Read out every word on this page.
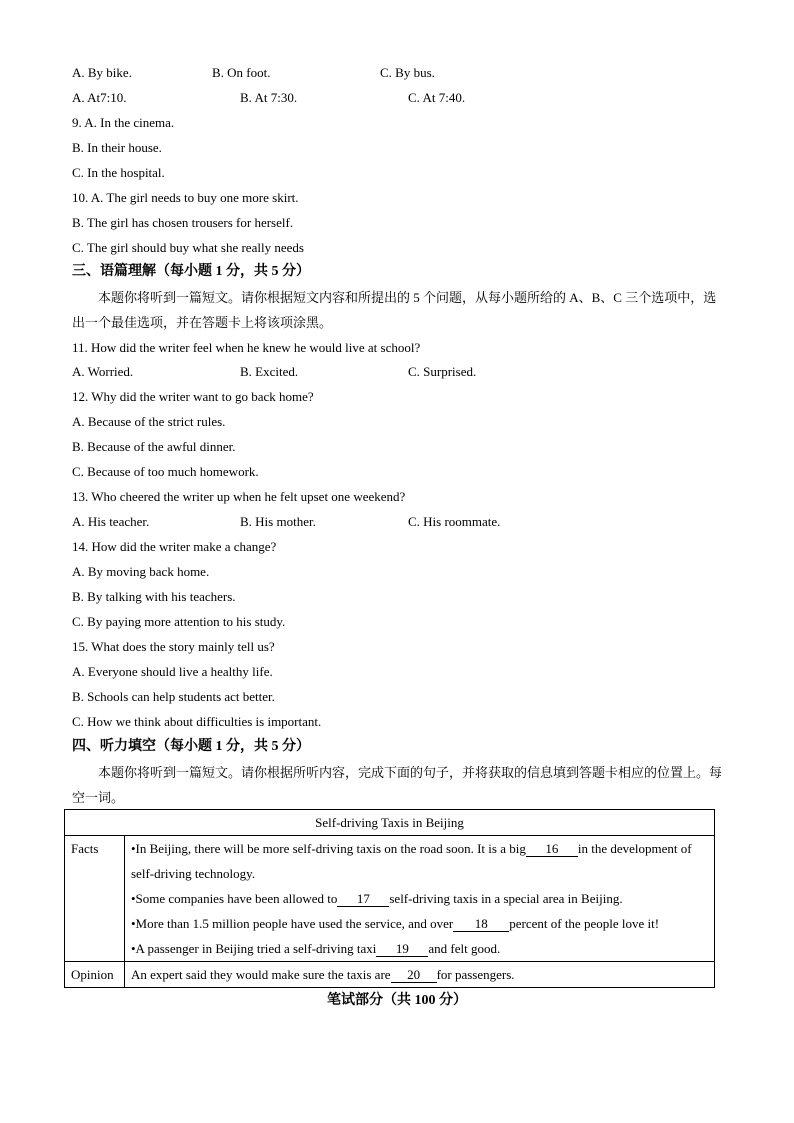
A. By bike.	B. On foot.	C. By bus.
A. At7:10.	B. At 7:30.	C. At 7:40.
9. A. In the cinema.
B. In their house.
C. In the hospital.
10. A. The girl needs to buy one more skirt.
B. The girl has chosen trousers for herself.
C. The girl should buy what she really needs
三、语篇理解（每小题 1 分，共 5 分）
本题你将听到一篇短文。请你根据短文内容和所提出的 5 个问题，从每小题所给的 A、B、C 三个选项中，选出一个最佳选项，并在答题卡上将该项涂黑。
11. How did the writer feel when he knew he would live at school?
A. Worried.	B. Excited.	C. Surprised.
12. Why did the writer want to go back home?
A. Because of the strict rules.
B. Because of the awful dinner.
C. Because of too much homework.
13. Who cheered the writer up when he felt upset one weekend?
A. His teacher.	B. His mother.	C. His roommate.
14. How did the writer make a change?
A. By moving back home.
B. By talking with his teachers.
C. By paying more attention to his study.
15. What does the story mainly tell us?
A. Everyone should live a healthy life.
B. Schools can help students act better.
C. How we think about difficulties is important.
四、听力填空（每小题 1 分，共 5 分）
本题你将听到一篇短文。请你根据所听内容，完成下面的句子，并将获取的信息填到答题卡相应的位置上。每空一词。
Self-driving Taxis in Beijing	
Facts	•In Beijing, there will be more self-driving taxis on the road soon. It is a big 16 in the development of self-driving technology.
•Some companies have been allowed to 17 self-driving taxis in a special area in Beijing.
•More than 1.5 million people have used the service, and over 18 percent of the people love it!
•A passenger in Beijing tried a self-driving taxi 19 and felt good.

Opinion	An expert said they would make sure the taxis are 20 for passengers.
笔试部分（共 100 分）
